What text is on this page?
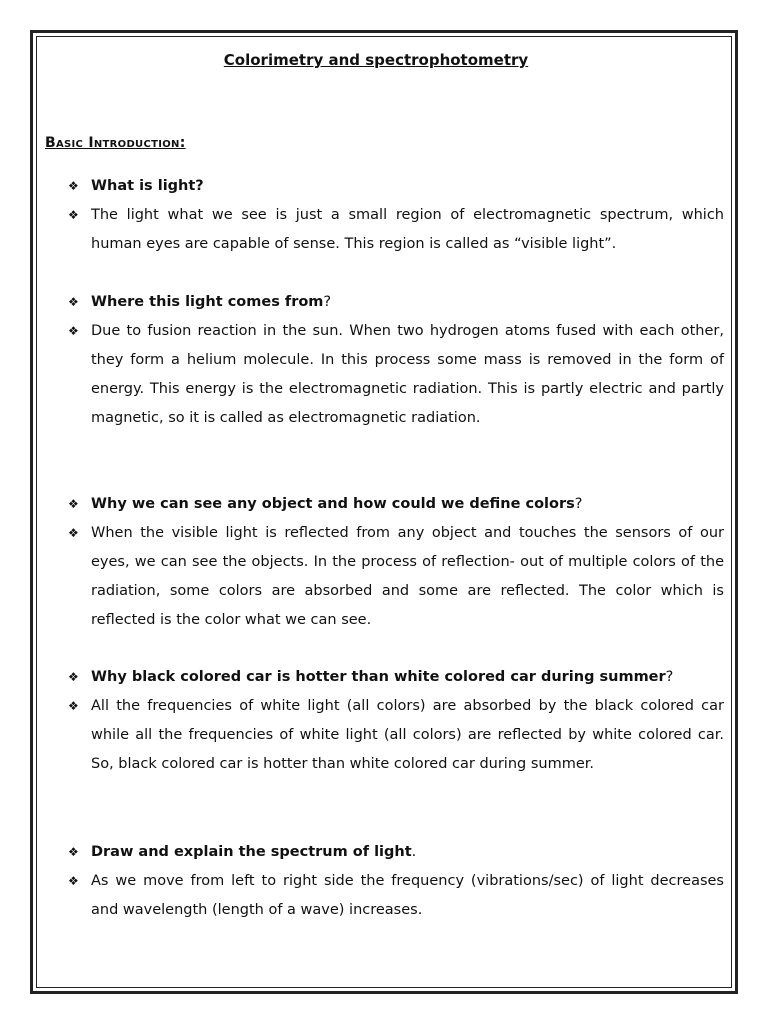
Colorimetry and spectrophotometry
Basic Introduction:
❖ What is light?
❖ The light what we see is just a small region of electromagnetic spectrum, which human eyes are capable of sense. This region is called as “visible light”.
❖ Where this light comes from?
❖ Due to fusion reaction in the sun. When two hydrogen atoms fused with each other, they form a helium molecule. In this process some mass is removed in the form of energy. This energy is the electromagnetic radiation. This is partly electric and partly magnetic, so it is called as electromagnetic radiation.
❖ Why we can see any object and how could we define colors?
❖ When the visible light is reflected from any object and touches the sensors of our eyes, we can see the objects. In the process of reflection- out of multiple colors of the radiation, some colors are absorbed and some are reflected. The color which is reflected is the color what we can see.
❖ Why black colored car is hotter than white colored car during summer?
❖ All the frequencies of white light (all colors) are absorbed by the black colored car while all the frequencies of white light (all colors) are reflected by white colored car. So, black colored car is hotter than white colored car during summer.
❖ Draw and explain the spectrum of light.
❖ As we move from left to right side the frequency (vibrations/sec) of light decreases and wavelength (length of a wave) increases.
